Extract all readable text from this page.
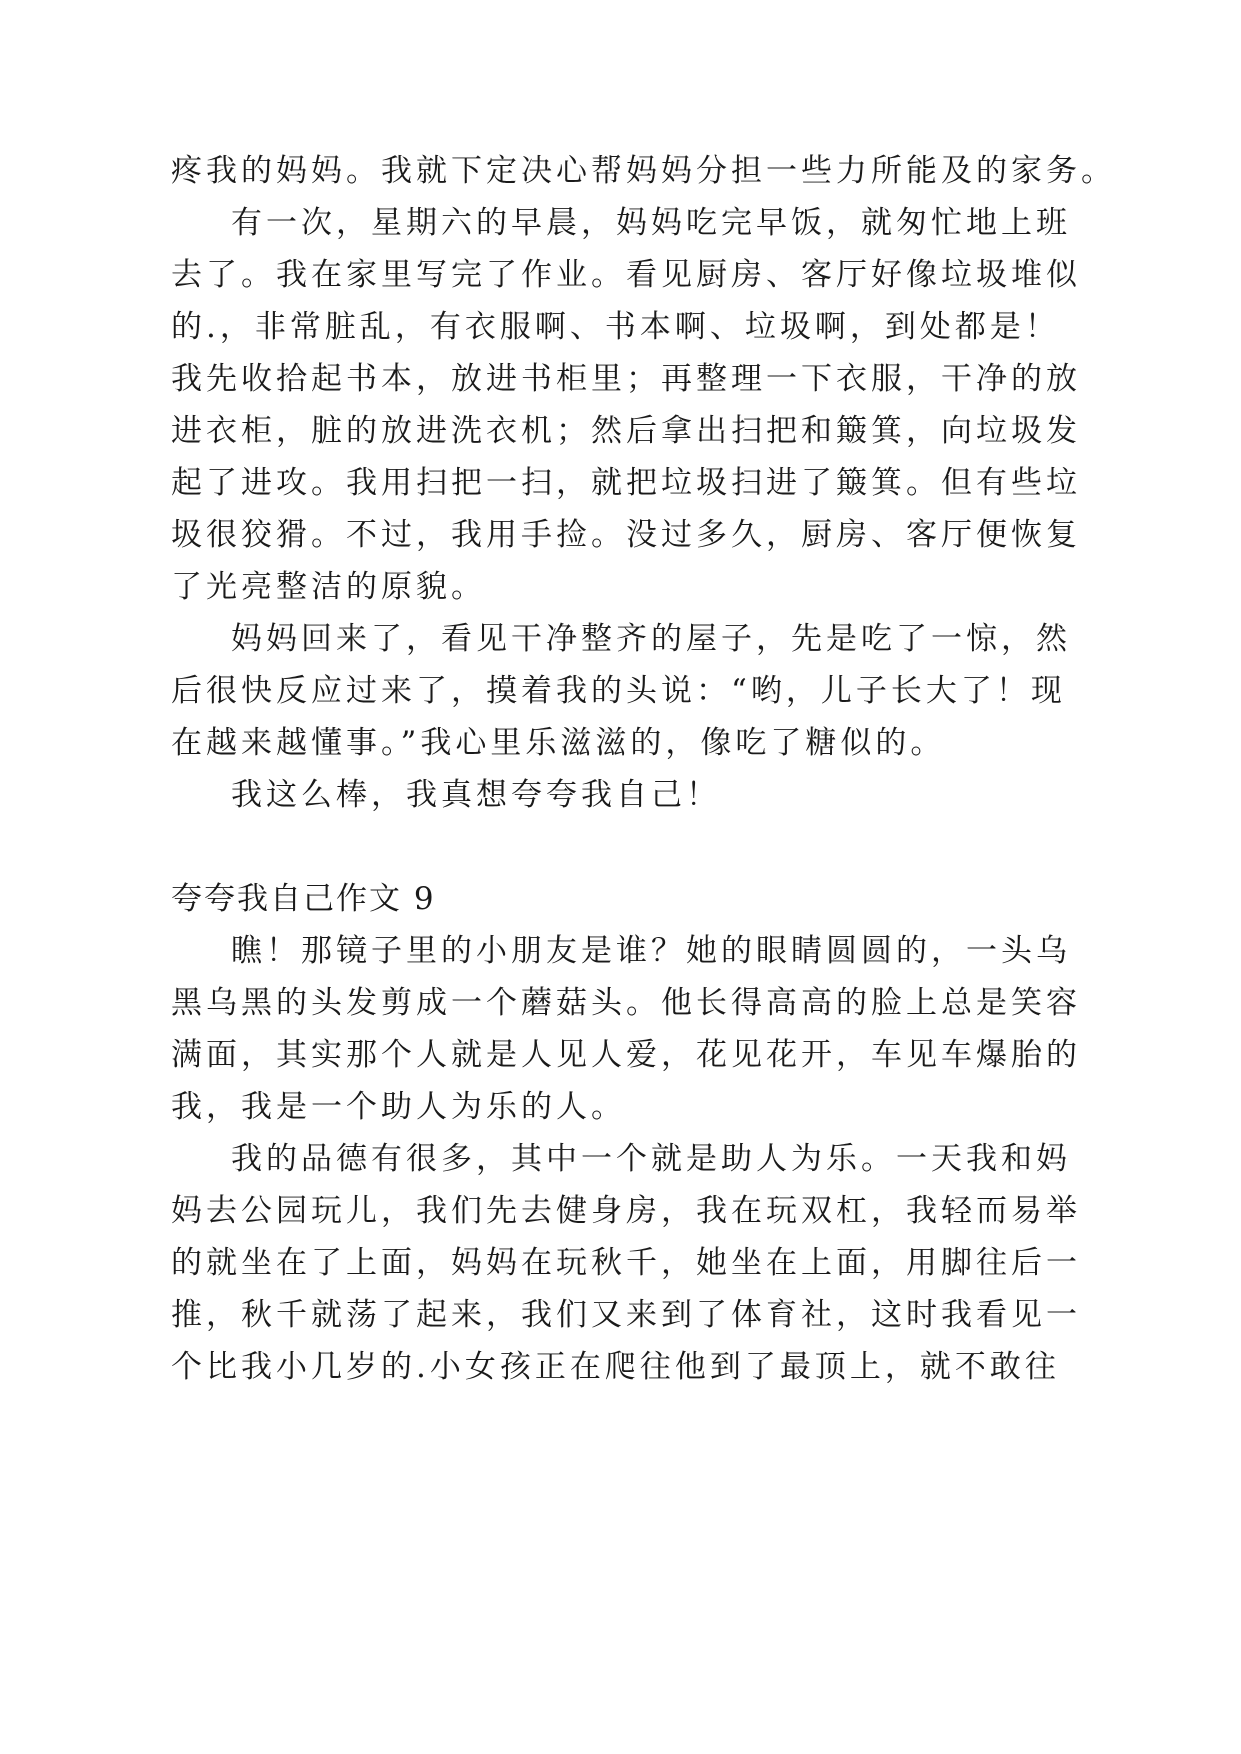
疼我的妈妈。我就下定决心帮妈妈分担一些力所能及的家务。
有一次，星期六的早晨，妈妈吃完早饭，就匆忙地上班
去了。我在家里写完了作业。看见厨房、客厅好像垃圾堆似
的.，非常脏乱，有衣服啊、书本啊、垃圾啊，到处都是！
我先收拾起书本，放进书柜里；再整理一下衣服，干净的放
进衣柜，脏的放进洗衣机；然后拿出扫把和簸箕，向垃圾发
起了进攻。我用扫把一扫，就把垃圾扫进了簸箕。但有些垃
圾很狡猾。不过，我用手捡。没过多久，厨房、客厅便恢复
了光亮整洁的原貌。
妈妈回来了，看见干净整齐的屋子，先是吃了一惊，然
后很快反应过来了，摸着我的头说：“哟，儿子长大了！现
在越来越懂事。”我心里乐滋滋的，像吃了糖似的。
我这么棒，我真想夸夸我自己！
夸夸我自己作文 9
瞧！那镜子里的小朋友是谁？她的眼睛圆圆的，一头乌
黑乌黑的头发剪成一个蘑菇头。他长得高高的脸上总是笑容
满面，其实那个人就是人见人爱，花见花开，车见车爆胎的
我，我是一个助人为乐的人。
我的品德有很多，其中一个就是助人为乐。一天我和妈
妈去公园玩儿，我们先去健身房，我在玩双杠，我轻而易举
的就坐在了上面，妈妈在玩秋千，她坐在上面，用脚往后一
推，秋千就荡了起来，我们又来到了体育社，这时我看见一
个比我小几岁的.小女孩正在爬往他到了最顶上，就不敢往
